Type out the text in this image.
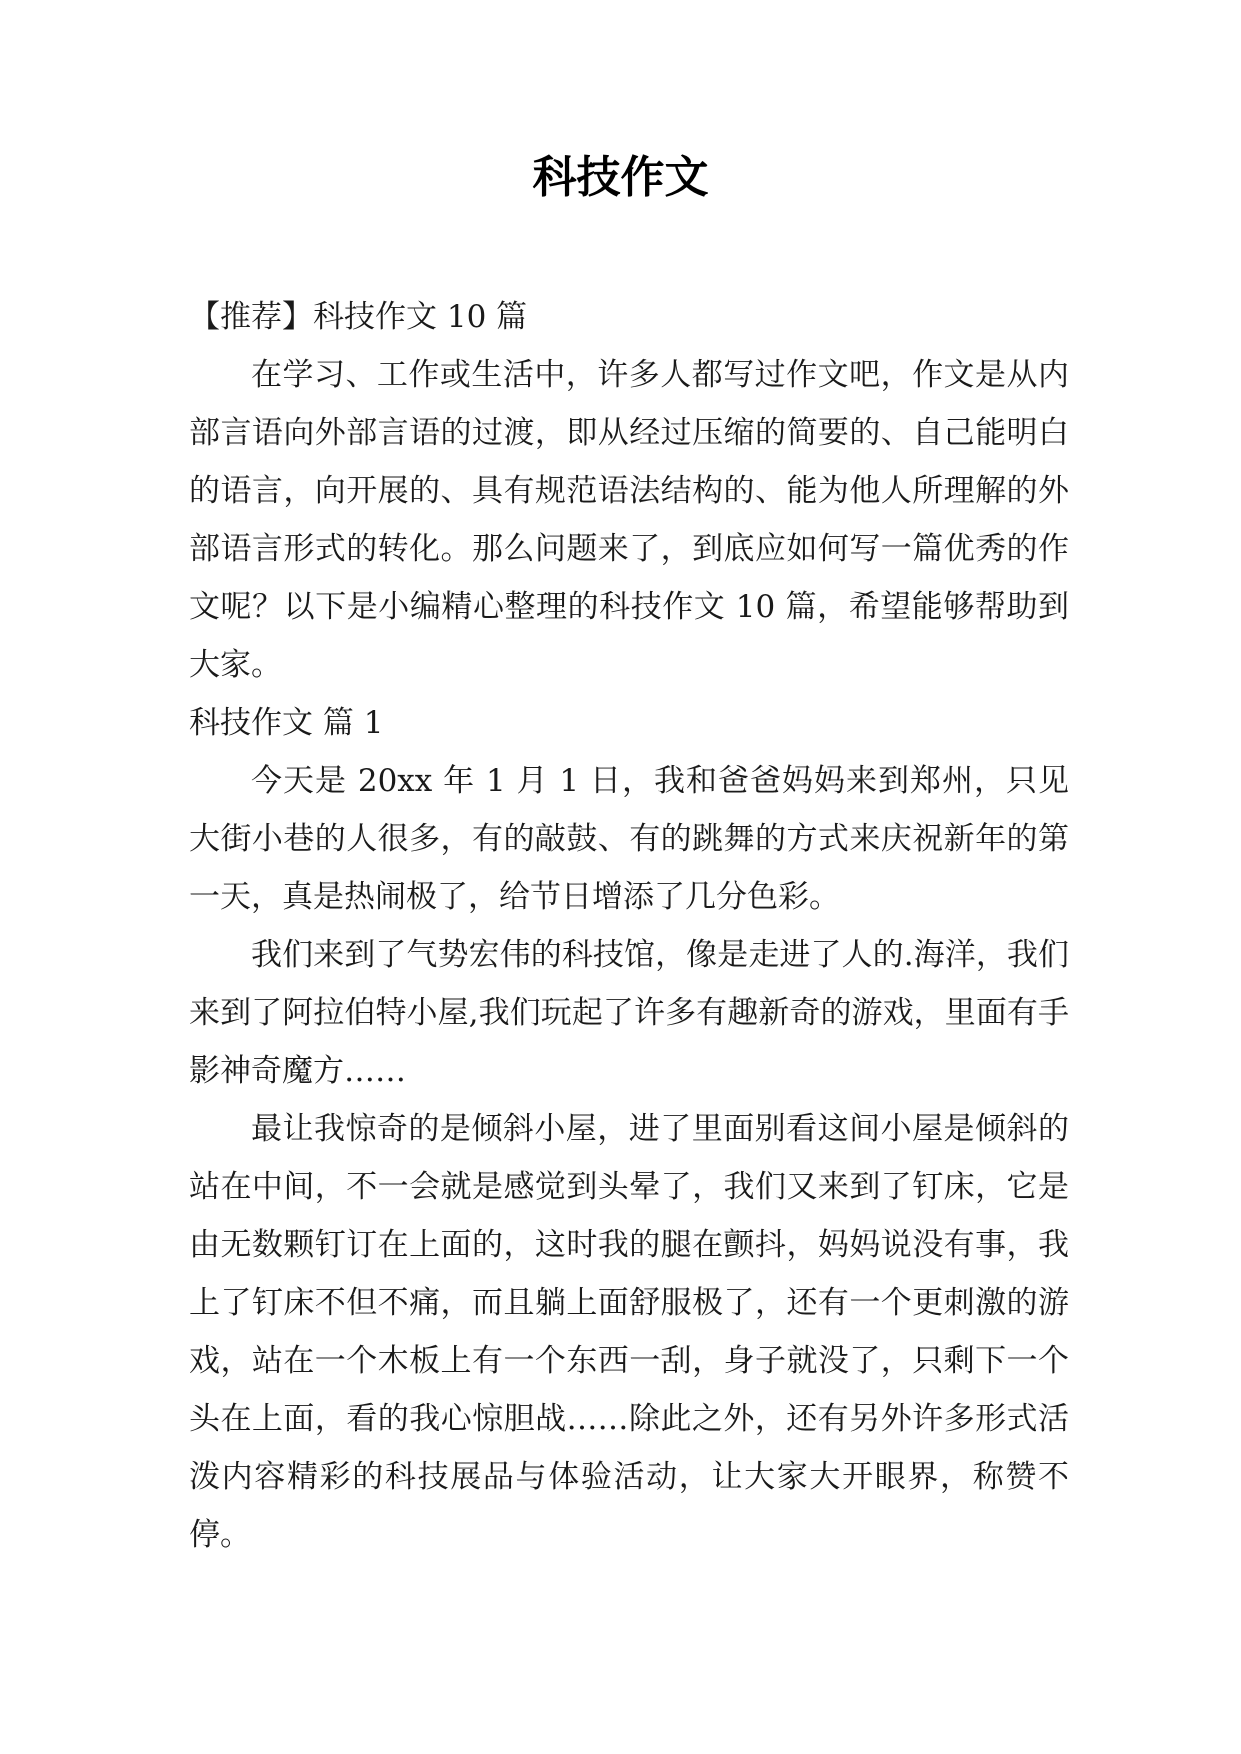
科技作文

【推荐】科技作文 10 篇

在学习、工作或生活中，许多人都写过作文吧，作文是从内部言语向外部言语的过渡，即从经过压缩的简要的、自己能明白的语言，向开展的、具有规范语法结构的、能为他人所理解的外部语言形式的转化。那么问题来了，到底应如何写一篇优秀的作文呢？以下是小编精心整理的科技作文 10 篇，希望能够帮助到大家。

科技作文 篇 1

今天是 20xx 年 1 月 1 日，我和爸爸妈妈来到郑州，只见大街小巷的人很多，有的敲鼓、有的跳舞的方式来庆祝新年的第一天，真是热闹极了，给节日增添了几分色彩。

我们来到了气势宏伟的科技馆，像是走进了人的.海洋，我们来到了阿拉伯特小屋,我们玩起了许多有趣新奇的游戏，里面有手影神奇魔方……

最让我惊奇的是倾斜小屋，进了里面别看这间小屋是倾斜的站在中间，不一会就是感觉到头晕了，我们又来到了钉床，它是由无数颗钉订在上面的，这时我的腿在颤抖，妈妈说没有事，我上了钉床不但不痛，而且躺上面舒服极了，还有一个更刺激的游戏，站在一个木板上有一个东西一刮，身子就没了，只剩下一个头在上面，看的我心惊胆战……除此之外，还有另外许多形式活泼内容精彩的科技展品与体验活动，让大家大开眼界，称赞不停。
